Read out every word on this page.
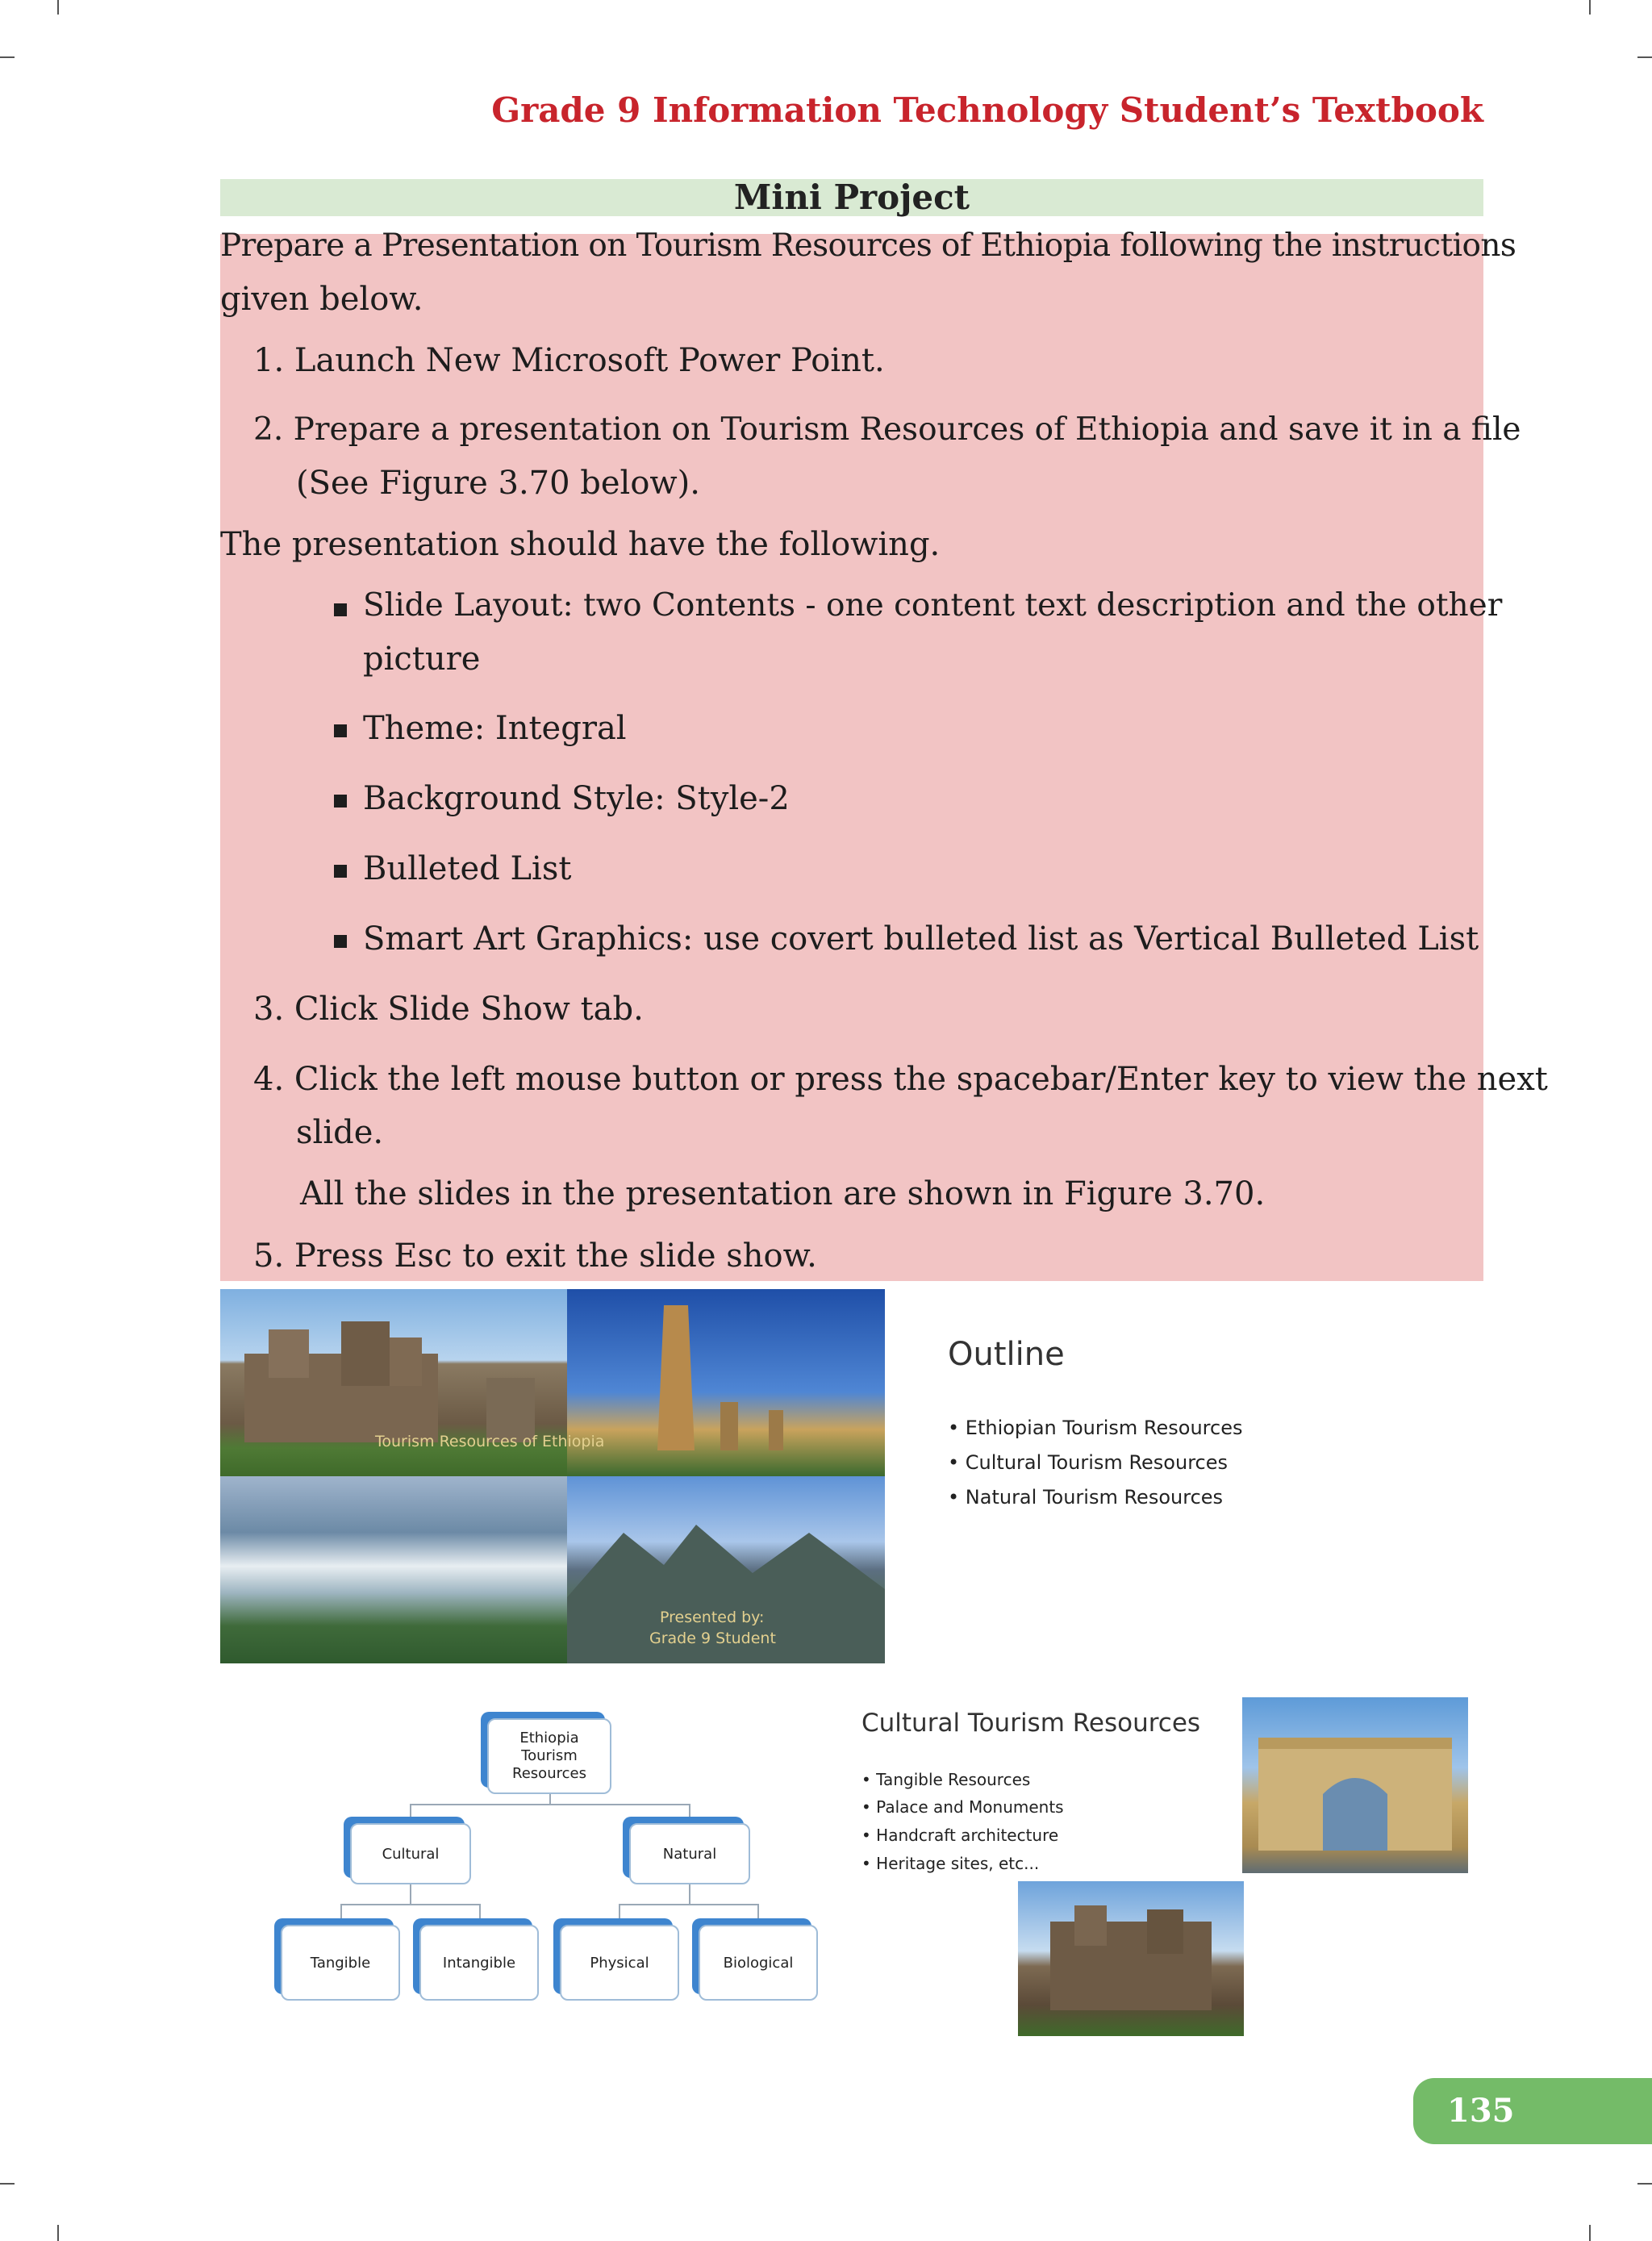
Grade 9 Information Technology Student’s Textbook
Mini Project
Prepare a Presentation on Tourism Resources of Ethiopia following the instructions
given below.
1. Launch New Microsoft Power Point.
2. Prepare a presentation on Tourism Resources of Ethiopia and save it in a file
(See Figure 3.70 below).
The presentation should have the following.
Slide Layout: two Contents - one content text description and the other
picture
Theme: Integral
Background Style: Style-2
Bulleted List
Smart Art Graphics: use covert bulleted list as Vertical Bulleted List
3. Click Slide Show tab.
4. Click the left mouse button or press the spacebar/Enter key to view the next
slide.
All the slides in the presentation are shown in Figure 3.70.
5. Press Esc to exit the slide show.
Tourism Resources of Ethiopia
Presented by:
Grade 9 Student
Outline
• Ethiopian Tourism Resources
• Cultural Tourism Resources
• Natural Tourism Resources
Ethiopia
Tourism
Resources
Cultural	Natural
Tangible	Intangible	Physical	Biological
Cultural Tourism Resources
• Tangible Resources
• Palace and Monuments
• Handcraft architecture
• Heritage sites, etc...
135
